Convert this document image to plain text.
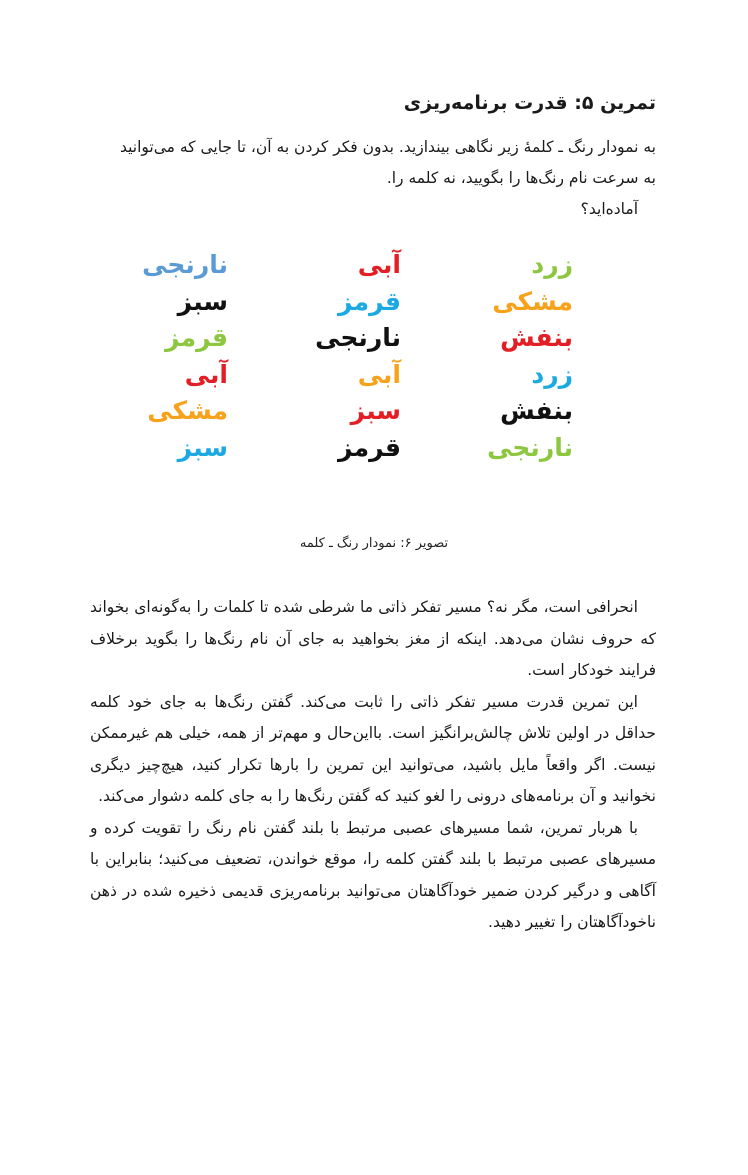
تمرین ۵: قدرت برنامه‌ریزی

به نمودار رنگ ـ کلمهٔ زیر نگاهی بیندازید. بدون فکر کردن به آن، تا جایی که می‌توانید
به سرعت نام رنگ‌ها را بگویید، نه کلمه را.
آماده‌اید؟

زرد
مشکی
بنفش
زرد
بنفش
نارنجی
آبی
قرمز
نارنجی
آبی
سبز
قرمز
نارنجی
سبز
قرمز
آبی
مشکی
سبز

تصویر ۶: نمودار رنگ ـ کلمه

انحرافی است، مگر نه؟ مسیر تفکر ذاتی ما شرطی شده تا کلمات را به‌گونه‌ای بخواند که حروف نشان می‌دهد. اینکه از مغز بخواهید به جای آن نام رنگ‌ها را بگوید برخلاف فرایند خودکار است.

این تمرین قدرت مسیر تفکر ذاتی را ثابت می‌کند. گفتن رنگ‌ها به جای خود کلمه حداقل در اولین تلاش چالش‌برانگیز است. بااین‌حال و مهم‌تر از همه، خیلی هم غیرممکن نیست. اگر واقعاً مایل باشید، می‌توانید این تمرین را بارها تکرار کنید، هیچ‌چیز دیگری نخوانید و آن برنامه‌های درونی را لغو کنید که گفتن رنگ‌ها را به جای کلمه دشوار می‌کند.

با هربار تمرین، شما مسیرهای عصبی مرتبط با بلند گفتن نام رنگ را تقویت کرده و مسیرهای عصبی مرتبط با بلند گفتن کلمه را، موقع خواندن، تضعیف می‌کنید؛ بنابراین با آگاهی و درگیر کردن ضمیر خودآگاهتان می‌توانید برنامه‌ریزی قدیمی ذخیره شده در ذهن ناخودآگاهتان را تغییر دهید.
